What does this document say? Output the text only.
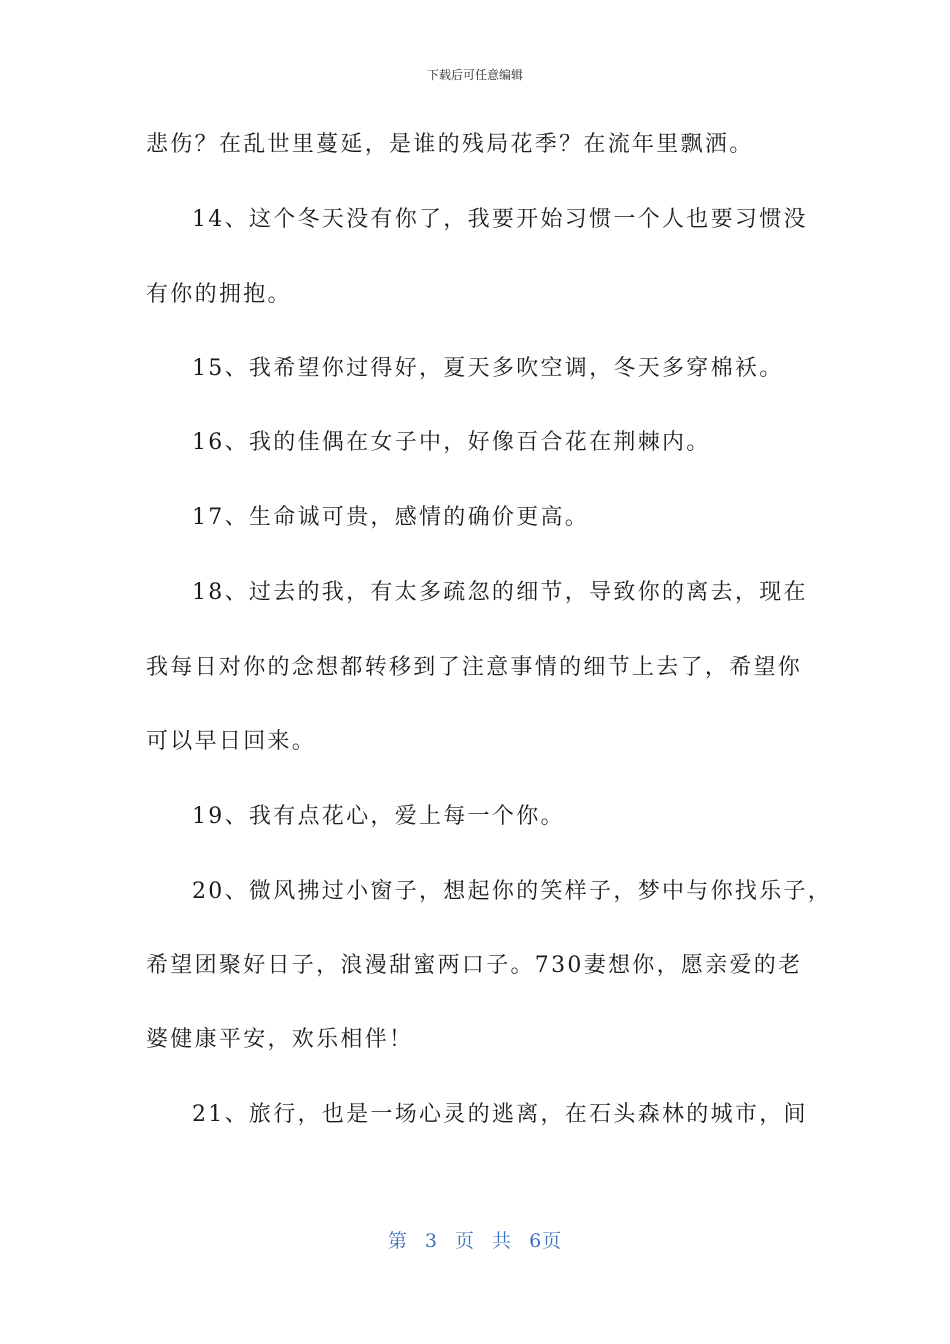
下载后可任意编辑
悲伤？在乱世里蔓延，是谁的残局花季？在流年里飘洒。
14、这个冬天没有你了，我要开始习惯一个人也要习惯没
有你的拥抱。
15、我希望你过得好，夏天多吹空调，冬天多穿棉袄。
16、我的佳偶在女子中，好像百合花在荆棘内。
17、生命诚可贵，感情的确价更高。
18、过去的我，有太多疏忽的细节，导致你的离去，现在
我每日对你的念想都转移到了注意事情的细节上去了，希望你
可以早日回来。
19、我有点花心，爱上每一个你。
20、微风拂过小窗子，想起你的笑样子，梦中与你找乐子，
希望团聚好日子，浪漫甜蜜两口子。730妻想你，愿亲爱的老
婆健康平安，欢乐相伴！
21、旅行，也是一场心灵的逃离，在石头森林的城市，间
第 3 页 共 6页
